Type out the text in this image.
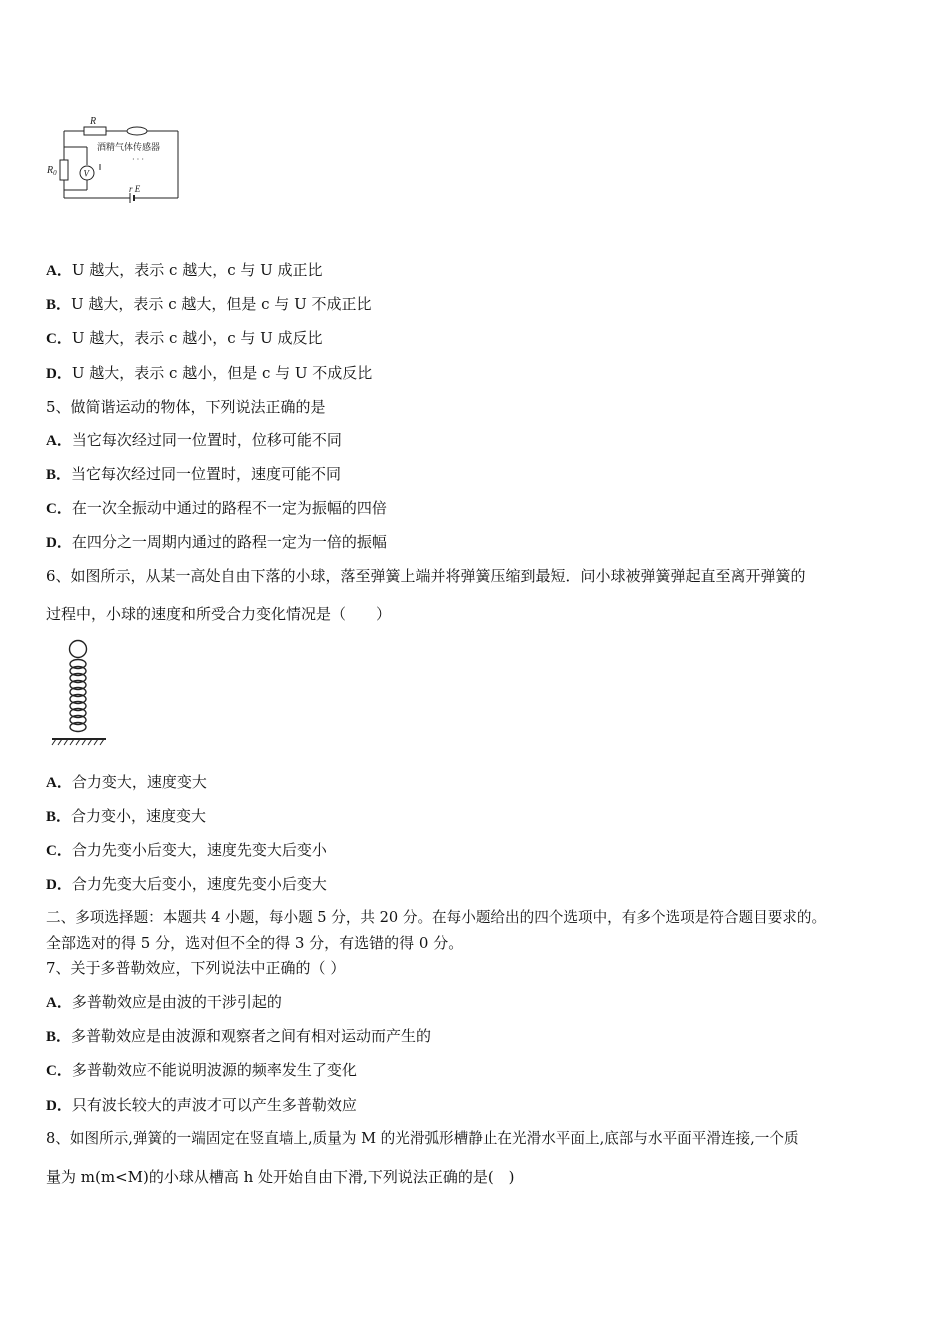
R
$R_0$	V
r E
酒精气体传感器
· · ·

A．U 越大，表示 c 越大，c 与 U 成正比

B．U 越大，表示 c 越大，但是 c 与 U 不成正比

C．U 越大，表示 c 越小，c 与 U 成反比

D．U 越大，表示 c 越小，但是 c 与 U 不成反比

5、做简谐运动的物体，下列说法正确的是

A．当它每次经过同一位置时，位移可能不同

B．当它每次经过同一位置时，速度可能不同

C．在一次全振动中通过的路程不一定为振幅的四倍

D．在四分之一周期内通过的路程一定为一倍的振幅

6、如图所示，从某一高处自由下落的小球，落至弹簧上端并将弹簧压缩到最短．问小球被弹簧弹起直至离开弹簧的

过程中，小球的速度和所受合力变化情况是（　　）

A．合力变大，速度变大

B．合力变小，速度变大

C．合力先变小后变大，速度先变大后变小

D．合力先变大后变小，速度先变小后变大

二、多项选择题：本题共 4 小题，每小题 5 分，共 20 分。在每小题给出的四个选项中，有多个选项是符合题目要求的。

全部选对的得 5 分，选对但不全的得 3 分，有选错的得 0 分。

7、关于多普勒效应，下列说法中正确的（ ）

A．多普勒效应是由波的干涉引起的

B．多普勒效应是由波源和观察者之间有相对运动而产生的

C．多普勒效应不能说明波源的频率发生了变化

D．只有波长较大的声波才可以产生多普勒效应

8、如图所示,弹簧的一端固定在竖直墙上,质量为 M 的光滑弧形槽静止在光滑水平面上,底部与水平面平滑连接,一个质

量为 m(m<M)的小球从槽高 h 处开始自由下滑,下列说法正确的是(　)
